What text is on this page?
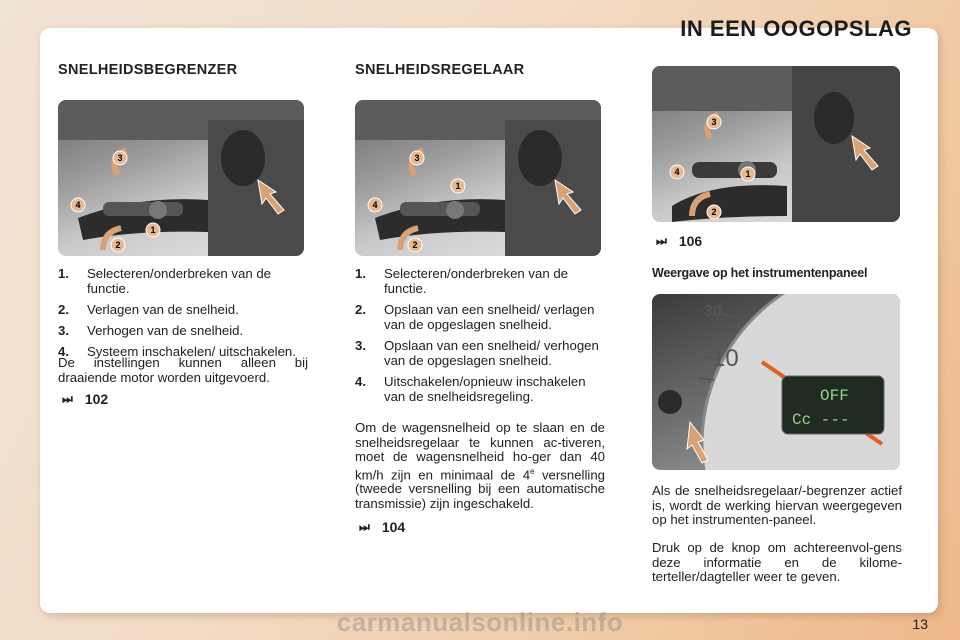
IN EEN OOGOPSLAG
SNELHEIDSBEGRENZER
3
4
1
2
1.	Selecteren/onderbreken van de functie.
2.	Verlagen van de snelheid.
3.	Verhogen van de snelheid.
4.	Systeem inschakelen/ uitschakelen.

De instellingen kunnen alleen bij draaiende motor worden uitgevoerd.

⏭ 102
SNELHEIDSREGELAAR
3
4
1
2
1.	Selecteren/onderbreken van de functie.
2.	Opslaan van een snelheid/ verlagen van de opgeslagen snelheid.
3.	Opslaan van een snelheid/ verhogen van de opgeslagen snelheid.
4.	Uitschakelen/opnieuw inschakelen van de snelheidsregeling.

Om de wagensnelheid op te slaan en de snelheidsregelaar te kunnen ac-tiveren, moet de wagensnelheid ho-ger dan 40 km/h zijn en minimaal de 4e versnelling (tweede versnelling bij een automatische transmissie) zijn ingeschakeld.

⏭ 104
3
4	1
2
⏭ 106
Weergave op het instrumentenpaneel
30
10
OFF
Cc ---

Als de snelheidsregelaar/-begrenzer actief is, wordt de werking hiervan weergegeven op het instrumenten-paneel.

Druk op de knop om achtereenvol-gens deze informatie en de kilome-terteller/dagteller weer te geven.

13
carmanualsonline.info
